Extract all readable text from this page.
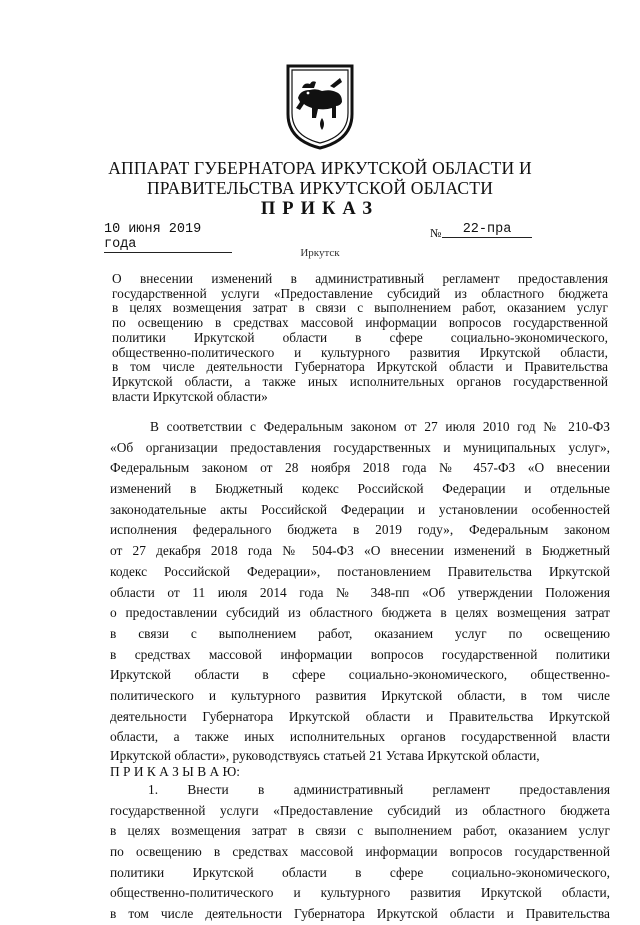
АППАРАТ ГУБЕРНАТОРА ИРКУТСКОЙ ОБЛАСТИ И
ПРАВИТЕЛЬСТВА ИРКУТСКОЙ ОБЛАСТИ
ПРИКАЗ
10 июня 2019 года
№	22-пра
Иркутск
О внесении изменений в административный регламент предоставления
государственной услуги «Предоставление субсидий из областного бюджета
в целях возмещения затрат в связи с выполнением работ, оказанием услуг
по освещению в средствах массовой информации вопросов государственной
политики Иркутской области в сфере социально-экономического,
общественно-политического и культурного развития Иркутской области,
в том числе деятельности Губернатора Иркутской области и Правительства
Иркутской области, а также иных исполнительных органов государственной
власти Иркутской области»
В соответствии с Федеральным законом от 27 июля 2010 год № 210-ФЗ
«Об организации предоставления государственных и муниципальных услуг»,
Федеральным законом от 28 ноября 2018 года № 457-ФЗ «О внесении
изменений в Бюджетный кодекс Российской Федерации и отдельные
законодательные акты Российской Федерации и установлении особенностей
исполнения федерального бюджета в 2019 году», Федеральным законом
от 27 декабря 2018 года № 504-ФЗ «О внесении изменений в Бюджетный
кодекс Российской Федерации», постановлением Правительства Иркутской
области от 11 июля 2014 года № 348-пп «Об утверждении Положения
о предоставлении субсидий из областного бюджета в целях возмещения затрат
в связи с выполнением работ, оказанием услуг по освещению
в средствах массовой информации вопросов государственной политики
Иркутской области в сфере социально-экономического, общественно-
политического и культурного развития Иркутской области, в том числе
деятельности Губернатора Иркутской области и Правительства Иркутской
области, а также иных исполнительных органов государственной власти
Иркутской области», руководствуясь статьей 21 Устава Иркутской области,
П Р И К А З Ы В А Ю:
1. Внести в административный регламент предоставления
государственной услуги «Предоставление субсидий из областного бюджета
в целях возмещения затрат в связи с выполнением работ, оказанием услуг
по освещению в средствах массовой информации вопросов государственной
политики Иркутской области в сфере социально-экономического,
общественно-политического и культурного развития Иркутской области,
в том числе деятельности Губернатора Иркутской области и Правительства
